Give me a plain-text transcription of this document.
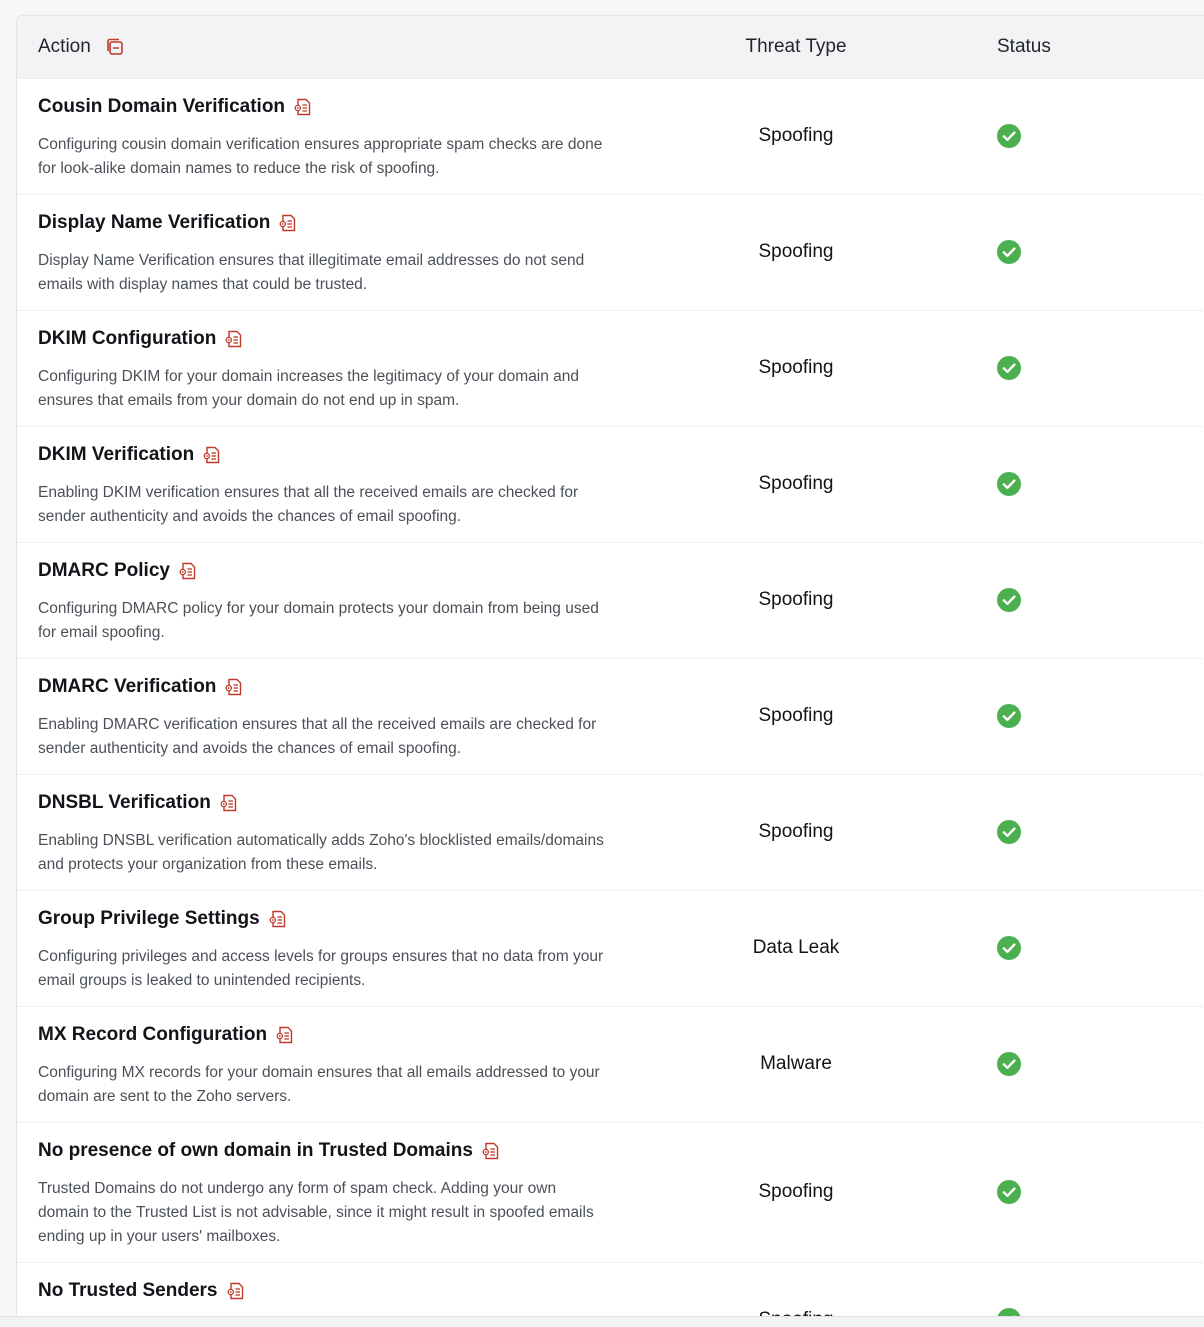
Action	Threat Type	Status
Cousin Domain Verification
Configuring cousin domain verification ensures appropriate spam checks are done for look-alike domain names to reduce the risk of spoofing.
Spoofing
Display Name Verification
Display Name Verification ensures that illegitimate email addresses do not send emails with display names that could be trusted.
Spoofing
DKIM Configuration
Configuring DKIM for your domain increases the legitimacy of your domain and ensures that emails from your domain do not end up in spam.
Spoofing
DKIM Verification
Enabling DKIM verification ensures that all the received emails are checked for sender authenticity and avoids the chances of email spoofing.
Spoofing
DMARC Policy
Configuring DMARC policy for your domain protects your domain from being used for email spoofing.
Spoofing
DMARC Verification
Enabling DMARC verification ensures that all the received emails are checked for sender authenticity and avoids the chances of email spoofing.
Spoofing
DNSBL Verification
Enabling DNSBL verification automatically adds Zoho's blocklisted emails/domains and protects your organization from these emails.
Spoofing
Group Privilege Settings
Configuring privileges and access levels for groups ensures that no data from your email groups is leaked to unintended recipients.
Data Leak
MX Record Configuration
Configuring MX records for your domain ensures that all emails addressed to your domain are sent to the Zoho servers.
Malware
No presence of own domain in Trusted Domains
Trusted Domains do not undergo any form of spam check. Adding your own domain to the Trusted List is not advisable, since it might result in spoofed emails ending up in your users' mailboxes.
Spoofing
No Trusted Senders
